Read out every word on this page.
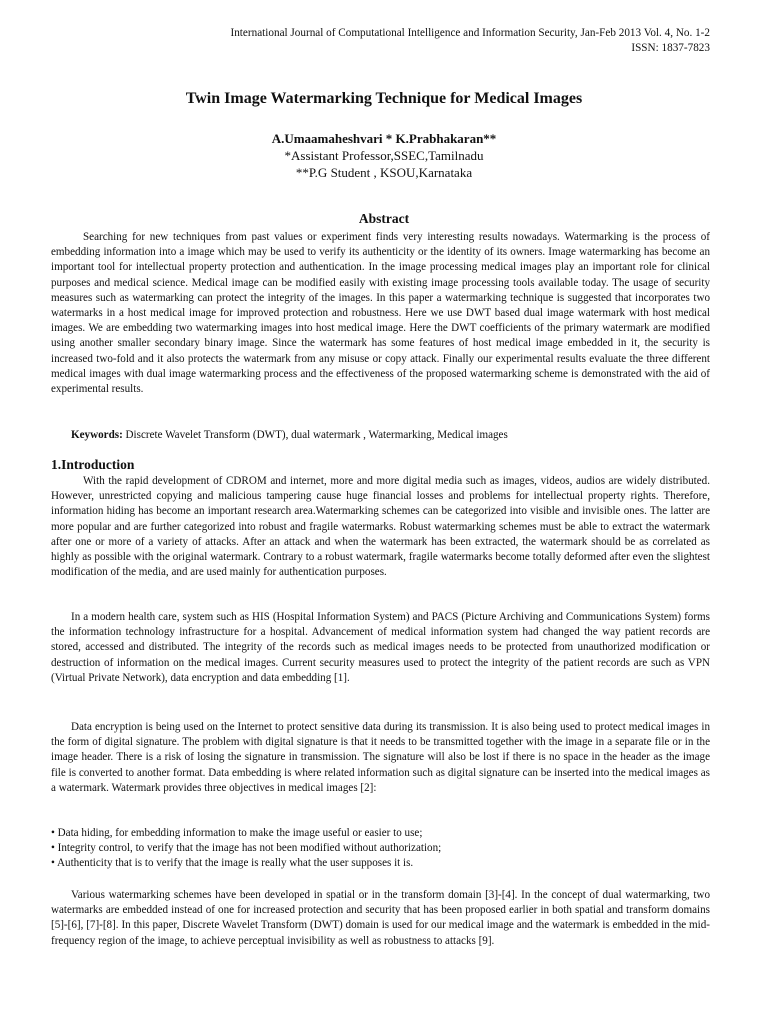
International Journal of Computational Intelligence and Information Security, Jan-Feb 2013 Vol. 4, No. 1-2
ISSN: 1837-7823
Twin Image Watermarking Technique for Medical Images
A.Umaamaheshvari * K.Prabhakaran**
*Assistant Professor,SSEC,Tamilnadu
**P.G Student , KSOU,Karnataka
Abstract

Searching for new techniques from past values or experiment finds very interesting results nowadays. Watermarking is the process of embedding information into a image which may be used to verify its authenticity or the identity of its owners. Image watermarking has become an important tool for intellectual property protection and authentication. In the image processing medical images play an important role for clinical purposes and medical science. Medical image can be modified easily with existing image processing tools available today. The usage of security measures such as watermarking can protect the integrity of the images. In this paper a watermarking technique is suggested that incorporates two watermarks in a host medical image for improved protection and robustness. Here we use DWT based dual image watermark with host medical images. We are embedding two watermarking images into host medical image. Here the DWT coefficients of the primary watermark are modified using another smaller secondary binary image. Since the watermark has some features of host medical image embedded in it, the security is increased two-fold and it also protects the watermark from any misuse or copy attack. Finally our experimental results evaluate the three different medical images with dual image watermarking process and the effectiveness of the proposed watermarking scheme is demonstrated with the aid of experimental results.

Keywords: Discrete Wavelet Transform (DWT), dual watermark , Watermarking, Medical images

1.Introduction

With the rapid development of CDROM and internet, more and more digital media such as images, videos, audios are widely distributed. However, unrestricted copying and malicious tampering cause huge financial losses and problems for intellectual property rights. Therefore, information hiding has become an important research area.Watermarking schemes can be categorized into visible and invisible ones. The latter are more popular and are further categorized into robust and fragile watermarks. Robust watermarking schemes must be able to extract the watermark after one or more of a variety of attacks. After an attack and when the watermark has been extracted, the watermark should be as correlated as highly as possible with the original watermark. Contrary to a robust watermark, fragile watermarks become totally deformed after even the slightest modification of the media, and are used mainly for authentication purposes.

In a modern health care, system such as HIS (Hospital Information System) and PACS (Picture Archiving and Communications System) forms the information technology infrastructure for a hospital. Advancement of medical information system had changed the way patient records are stored, accessed and distributed. The integrity of the records such as medical images needs to be protected from unauthorized modification or destruction of information on the medical images. Current security measures used to protect the integrity of the patient records are such as VPN (Virtual Private Network), data encryption and data embedding [1].

Data encryption is being used on the Internet to protect sensitive data during its transmission. It is also being used to protect medical images in the form of digital signature. The problem with digital signature is that it needs to be transmitted together with the image in a separate file or in the image header. There is a risk of losing the signature in transmission. The signature will also be lost if there is no space in the header as the image file is converted to another format. Data embedding is where related information such as digital signature can be inserted into the medical images as a watermark. Watermark provides three objectives in medical images [2]:

• Data hiding, for embedding information to make the image useful or easier to use;
• Integrity control, to verify that the image has not been modified without authorization;
• Authenticity that is to verify that the image is really what the user supposes it is.

Various watermarking schemes have been developed in spatial or in the transform domain [3]-[4]. In the concept of dual watermarking, two watermarks are embedded instead of one for increased protection and security that has been proposed earlier in both spatial and transform domains [5]-[6], [7]-[8]. In this paper, Discrete Wavelet Transform (DWT) domain is used for our medical image and the watermark is embedded in the mid-frequency region of the image, to achieve perceptual invisibility as well as robustness to attacks [9].
